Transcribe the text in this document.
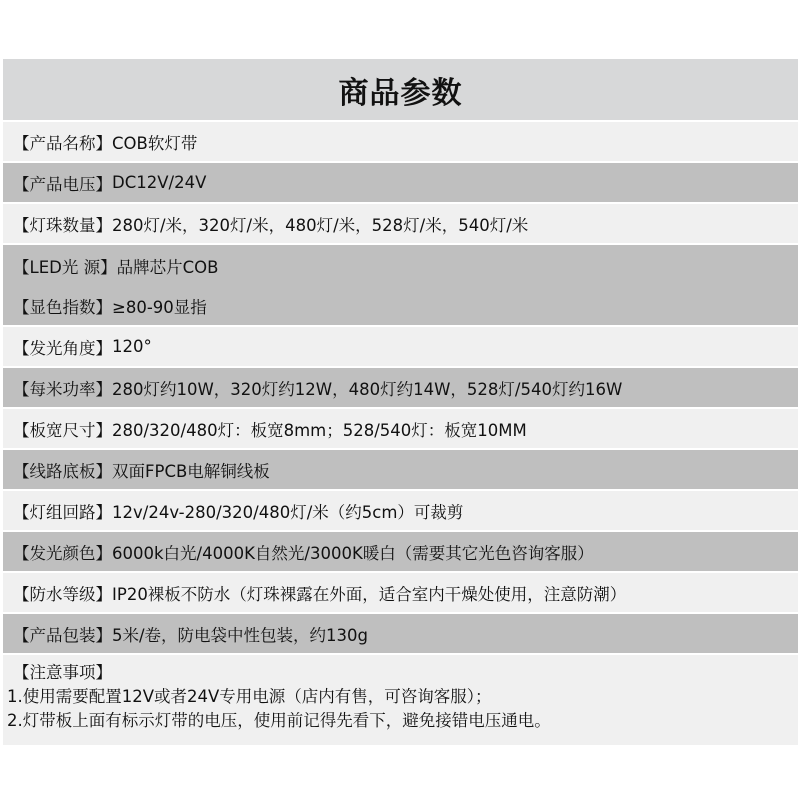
商品参数
【产品名称】 COB软灯带
【产品电压】 DC12V/24V
【灯珠数量】 280灯/米，320灯/米，480灯/米，528灯/米，540灯/米
【LED光 源】 品牌芯片COB
【显色指数】 ≥80-90显指
【发光角度】 120°
【每米功率】 280灯约10W，320灯约12W，480灯约14W，528灯/540灯约16W
【板宽尺寸】 280/320/480灯：板宽8mm；528/540灯：板宽10MM
【线路底板】 双面FPCB电解铜线板
【灯组回路】 12v/24v-280/320/480灯/米（约5cm）可裁剪
【发光颜色】 6000k白光/4000K自然光/3000K暖白（需要其它光色咨询客服）
【防水等级】 IP20裸板不防水（灯珠裸露在外面，适合室内干燥处使用，注意防潮）
【产品包装】 5米/卷，防电袋中性包装，约130g
【注意事项】
1.使用需要配置12V或者24V专用电源（店内有售，可咨询客服）；
2.灯带板上面有标示灯带的电压，使用前记得先看下，避免接错电压通电。
